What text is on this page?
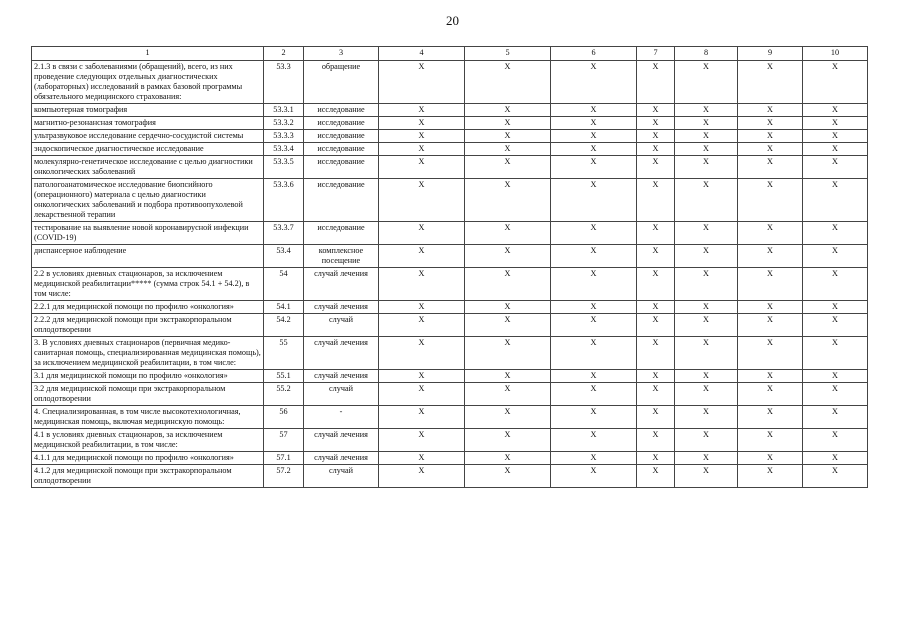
20
1	2	3	4	5	6	7	8	9	10
2.1.3 в связи с заболеваниями (обращений), всего, из них проведение следующих отдельных диагностических (лабораторных) исследований в рамках базовой программы обязательного медицинского страхования:	53.3	обращение	X	X	X	X	X	X	X
компьютерная томография	53.3.1	исследование	X	X	X	X	X	X	X
магнитно-резонансная томография	53.3.2	исследование	X	X	X	X	X	X	X
ультразвуковое исследование сердечно-сосудистой системы	53.3.3	исследование	X	X	X	X	X	X	X
эндоскопическое диагностическое исследование	53.3.4	исследование	X	X	X	X	X	X	X
молекулярно-генетическое исследование с целью диагностики онкологических заболеваний	53.3.5	исследование	X	X	X	X	X	X	X
патологоанатомическое исследование биопсийного (операционного) материала с целью диагностики онкологических заболеваний и подбора противоопухолевой лекарственной терапии	53.3.6	исследование	X	X	X	X	X	X	X
тестирование на выявление новой коронавирусной инфекции (COVID-19)	53.3.7	исследование	X	X	X	X	X	X	X
диспансерное наблюдение	53.4	комплексное посещение	X	X	X	X	X	X	X
2.2 в условиях дневных стационаров, за исключением медицинской реабилитации***** (сумма строк 54.1 + 54.2), в том числе:	54	случай лечения	X	X	X	X	X	X	X
2.2.1 для медицинской помощи по профилю «онкология»	54.1	случай лечения	X	X	X	X	X	X	X
2.2.2 для медицинской помощи при экстракорпоральном оплодотворении	54.2	случай	X	X	X	X	X	X	X
3. В условиях дневных стационаров (первичная медико-санитарная помощь, специализированная медицинская помощь), за исключением медицинской реабилитации, в том числе:	55	случай лечения	X	X	X	X	X	X	X
3.1 для медицинской помощи по профилю «онкология»	55.1	случай лечения	X	X	X	X	X	X	X
3.2 для медицинской помощи при экстракорпоральном оплодотворении	55.2	случай	X	X	X	X	X	X	X
4. Специализированная, в том числе высокотехнологичная, медицинская помощь, включая медицинскую помощь:	56	-	X	X	X	X	X	X	X
4.1 в условиях дневных стационаров, за исключением медицинской реабилитации, в том числе:	57	случай лечения	X	X	X	X	X	X	X
4.1.1 для медицинской помощи по профилю «онкология»	57.1	случай лечения	X	X	X	X	X	X	X
4.1.2 для медицинской помощи при экстракорпоральном оплодотворении	57.2	случай	X	X	X	X	X	X	X
